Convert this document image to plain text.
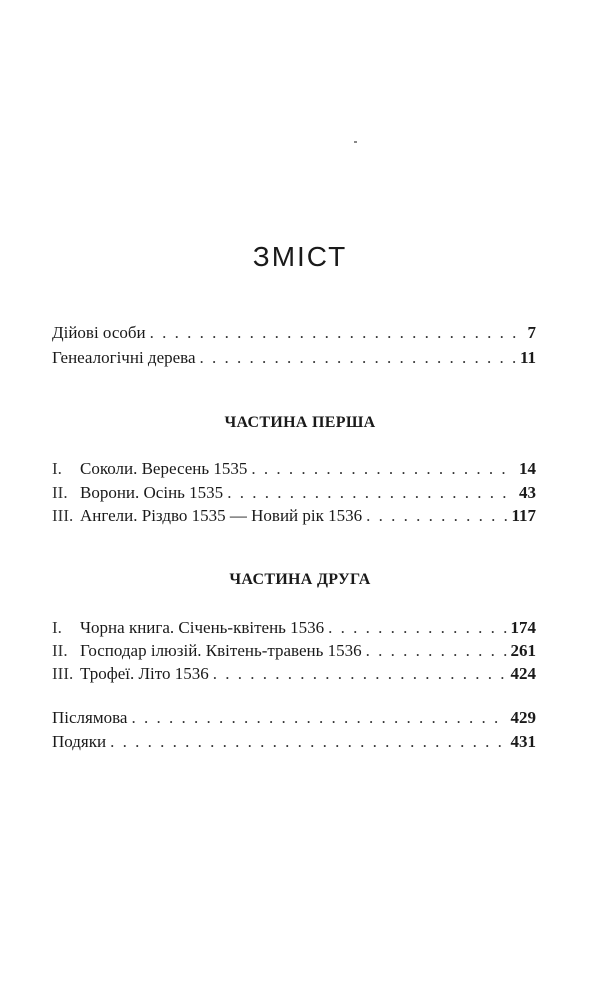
ЗМІСТ
Дійові особи . . .	7
Генеалогічні дерева . . .	11
ЧАСТИНА ПЕРША
I.	Соколи. Вересень 1535 . . .	14
II. Ворони. Осінь 1535 . . .	43
III. Ангели. Різдво 1535 — Новий рік 1536 . . .	117
ЧАСТИНА ДРУГА
I.	Чорна книга. Січень-квітень 1536 . . .	174
II. Господар ілюзій. Квітень-травень 1536 . . .	261
III. Трофеї. Літо 1536 . . .	424
Післямова . . .	429
Подяки . . .	431
